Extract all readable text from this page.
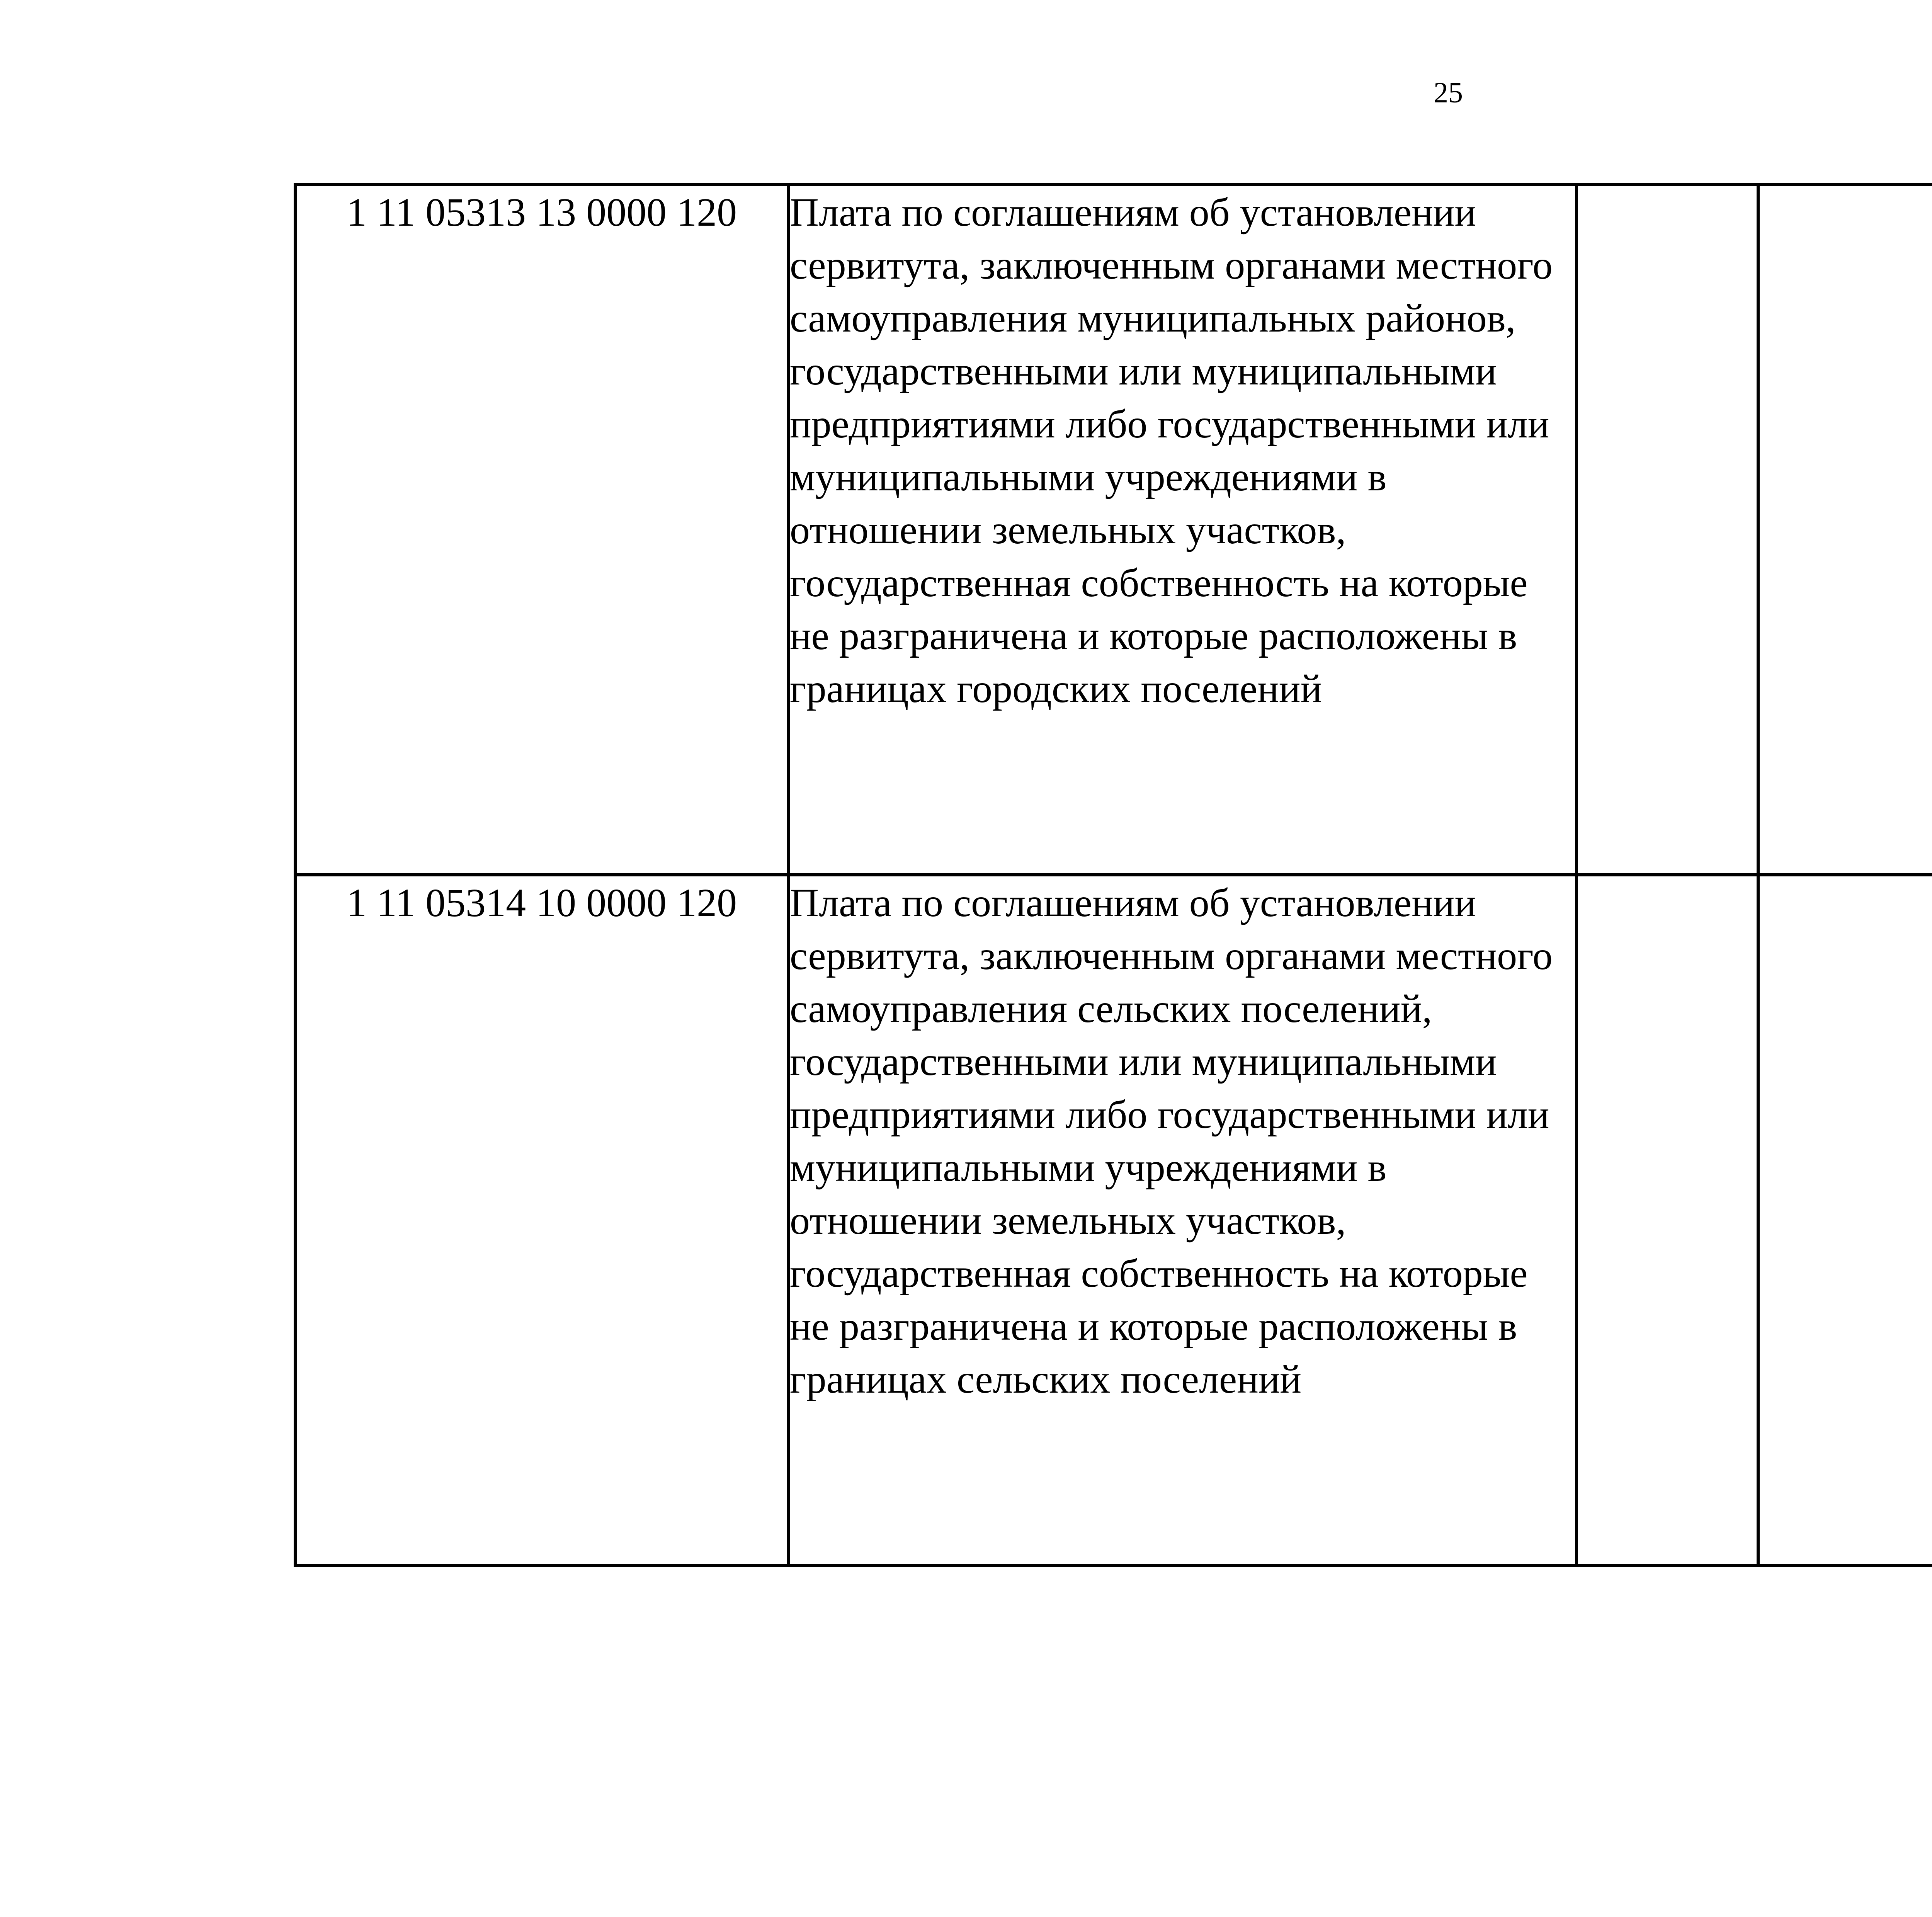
25
1 11 05313 13 0000 120	Плата по соглашениям об установлении сервитута, заключенным органами местного самоуправления муниципальных районов, государственными или муниципальными предприятиями либо государственными или муниципальными учреждениями в отношении земельных участков, государственная собственность на которые не разграничена и которые расположены в границах городских поселений					
1 11 05314 10 0000 120	Плата по соглашениям об установлении сервитута, заключенным органами местного самоуправления сельских поселений, государственными или муниципальными предприятиями либо государственными или муниципальными учреждениями в отношении земельных участков, государственная собственность на которые не разграничена и которые расположены в границах сельских поселений					
